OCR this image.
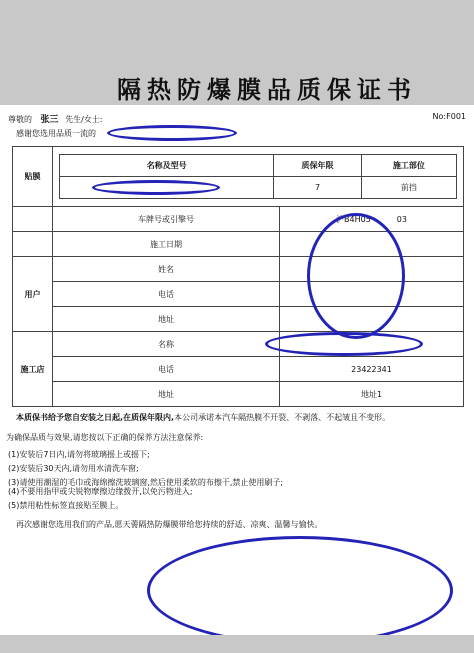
隔热防爆膜品质保证书
尊敬的 张三 先生/女士:	No:F001
感谢您选用品质一流的
贴膜	
名称及型号	质保年限	施工部位
	7	前挡

	车牌号或引擎号	沪B4H05	03
	施工日期	
用户	姓名	
电话	
地址	
施工店	名称	
电话	23422341
地址	地址1
本质保书给予您自安装之日起,在质保年限内,本公司承诺本汽车隔热膜不开裂、不剥落、不起皱且不变形。
为确保品质与效果,请您按以下正确的保养方法注意保养:
(1)安装后7日内,请勿将玻璃摇上或摇下;
(2)安装后30天内,请勿用水清洗车窗;
(3)请使用潮湿的毛巾或海绵擦洗玻璃窗,然后使用柔软的布擦干,禁止使用刷子;
(4)不要用指甲或尖锐物摩擦边缘拨开,以免污物进入;
(5)禁用粘性标签直接贴至膜上。
再次感谢您选用我们的产品,愿天薷隔热防爆膜带给您持续的舒适、凉爽、温馨与愉快。
